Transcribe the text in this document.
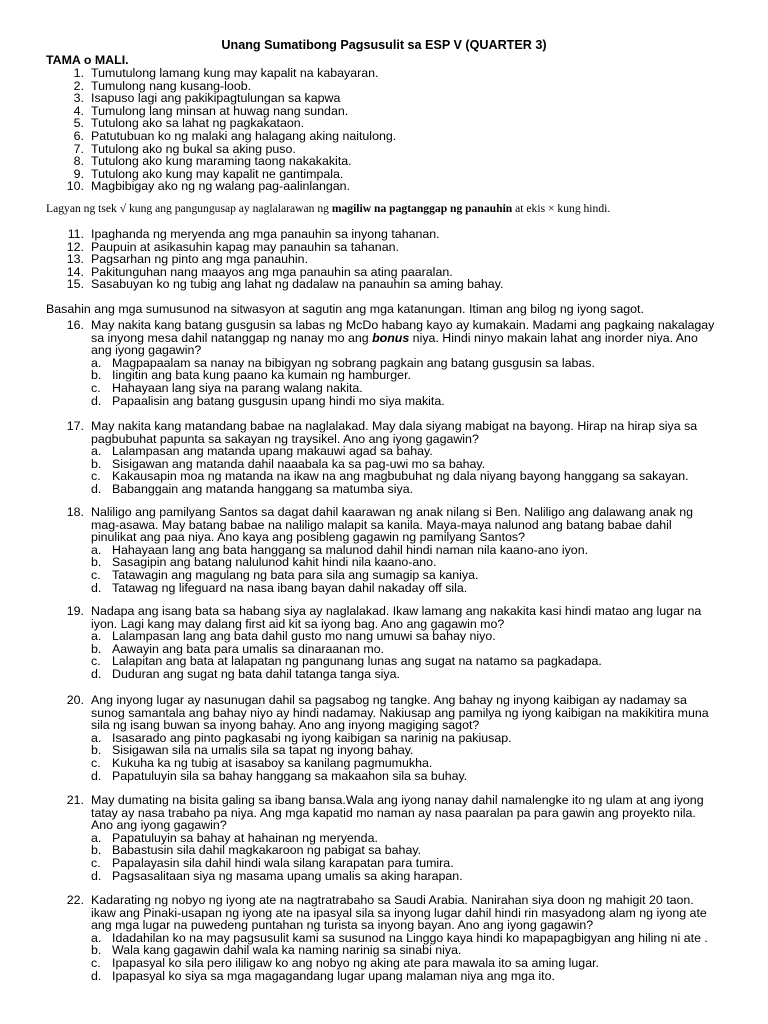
Unang Sumatibong Pagsusulit sa ESP V (QUARTER 3)
TAMA o MALI.
1. Tumutulong lamang kung may kapalit na kabayaran.
2. Tumulong nang kusang-loob.
3. Isapuso lagi ang pakikipagtulungan sa kapwa
4. Tumulong lang minsan at huwag nang sundan.
5. Tutulong ako sa lahat ng pagkakataon.
6. Patutubuan ko ng malaki ang halagang aking naitulong.
7. Tutulong ako ng bukal sa aking puso.
8. Tutulong ako kung maraming taong nakakakita.
9. Tutulong ako kung may kapalit ne gantimpala.
10. Magbibigay ako ng ng walang pag-aalinlangan.
Lagyan ng tsek √ kung ang pangungusap ay naglalarawan ng magiliw na pagtanggap ng panauhin at ekis × kung hindi.
11. Ipaghanda ng meryenda ang mga panauhin sa inyong tahanan.
12. Paupuin at asikasuhin kapag may panauhin sa tahanan.
13. Pagsarhan ng pinto ang mga panauhin.
14. Pakitunguhan nang maayos ang mga panauhin sa ating paaralan.
15. Sasabuyan ko ng tubig ang lahat ng dadalaw na panauhin sa aming bahay.
Basahin ang mga sumusunod na sitwasyon at sagutin ang mga katanungan. Itiman ang bilog ng iyong sagot.
16. May nakita kang batang gusgusin sa labas ng McDo habang kayo ay kumakain. Madami ang pagkaing nakalagay
sa inyong mesa dahil natanggap ng nanay mo ang bonus niya. Hindi ninyo makain lahat ang inorder niya. Ano
ang iyong gagawin?
a. Magpapaalam sa nanay na bibigyan ng sobrang pagkain ang batang gusgusin sa labas.
b. Iingitin ang bata kung paano ka kumain ng hamburger.
c. Hahayaan lang siya na parang walang nakita.
d. Papaalisin ang batang gusgusin upang hindi mo siya makita.
17. May nakita kang matandang babae na naglalakad. May dala siyang mabigat na bayong. Hirap na hirap siya sa
pagbubuhat papunta sa sakayan ng traysikel. Ano ang iyong gagawin?
a. Lalampasan ang matanda upang makauwi agad sa bahay.
b. Sisigawan ang matanda dahil naaabala ka sa pag-uwi mo sa bahay.
c. Kakausapin moa ng matanda na ikaw na ang magbubuhat ng dala niyang bayong hanggang sa sakayan.
d. Babanggain ang matanda hanggang sa matumba siya.
18. Naliligo ang pamilyang Santos sa dagat dahil kaarawan ng anak nilang si Ben. Naliligo ang dalawang anak ng
mag-asawa. May batang babae na naliligo malapit sa kanila. Maya-maya nalunod ang batang babae dahil
pinulikat ang paa niya. Ano kaya ang posibleng gagawin ng pamilyang Santos?
a. Hahayaan lang ang bata hanggang sa malunod dahil hindi naman nila kaano-ano iyon.
b. Sasagipin ang batang nalulunod kahit hindi nila kaano-ano.
c. Tatawagin ang magulang ng bata para sila ang sumagip sa kaniya.
d. Tatawag ng lifeguard na nasa ibang bayan dahil nakaday off sila.
19. Nadapa ang isang bata sa habang siya ay naglalakad. Ikaw lamang ang nakakita kasi hindi matao ang lugar na
iyon. Lagi kang may dalang first aid kit sa iyong bag. Ano ang gagawin mo?
a. Lalampasan lang ang bata dahil gusto mo nang umuwi sa bahay niyo.
b. Aawayin ang bata para umalis sa dinaraanan mo.
c. Lalapitan ang bata at lalapatan ng pangunang lunas ang sugat na natamo sa pagkadapa.
d. Duduran ang sugat ng bata dahil tatanga tanga siya.
20. Ang inyong lugar ay nasunugan dahil sa pagsabog ng tangke. Ang bahay ng inyong kaibigan ay nadamay sa
sunog samantala ang bahay niyo ay hindi nadamay. Nakiusap ang pamilya ng iyong kaibigan na makikitira muna
sila ng isang buwan sa inyong bahay. Ano ang inyong magiging sagot?
a. Isasarado ang pinto pagkasabi ng iyong kaibigan sa narinig na pakiusap.
b. Sisigawan sila na umalis sila sa tapat ng inyong bahay.
c. Kukuha ka ng tubig at isasaboy sa kanilang pagmumukha.
d. Papatuluyin sila sa bahay hanggang sa makaahon sila sa buhay.
21. May dumating na bisita galing sa ibang bansa.Wala ang iyong nanay dahil namalengke ito ng ulam at ang iyong
tatay ay nasa trabaho pa niya. Ang mga kapatid mo naman ay nasa paaralan pa para gawin ang proyekto nila.
Ano ang iyong gagawin?
a. Papatuluyin sa bahay at hahainan ng meryenda.
b. Babastusin sila dahil magkakaroon ng pabigat sa bahay.
c. Papalayasin sila dahil hindi wala silang karapatan para tumira.
d. Pagsasalitaan siya ng masama upang umalis sa aking harapan.
22. Kadarating ng nobyo ng iyong ate na nagtratrabaho sa Saudi Arabia. Nanirahan siya doon ng mahigit 20 taon.
ikaw ang Pinaki-usapan ng iyong ate na ipasyal sila sa inyong lugar dahil hindi rin masyadong alam ng iyong ate
ang mga lugar na puwedeng puntahan ng turista sa inyong bayan. Ano ang iyong gagawin?
a. Idadahilan ko na may pagsusulit kami sa susunod na Linggo kaya hindi ko mapapagbigyan ang hiling ni ate .
b. Wala kang gagawin dahil wala ka naming narinig sa sinabi niya.
c. Ipapasyal ko sila pero ililigaw ko ang nobyo ng aking ate para mawala ito sa aming lugar.
d. Ipapasyal ko siya sa mga magagandang lugar upang malaman niya ang mga ito.
